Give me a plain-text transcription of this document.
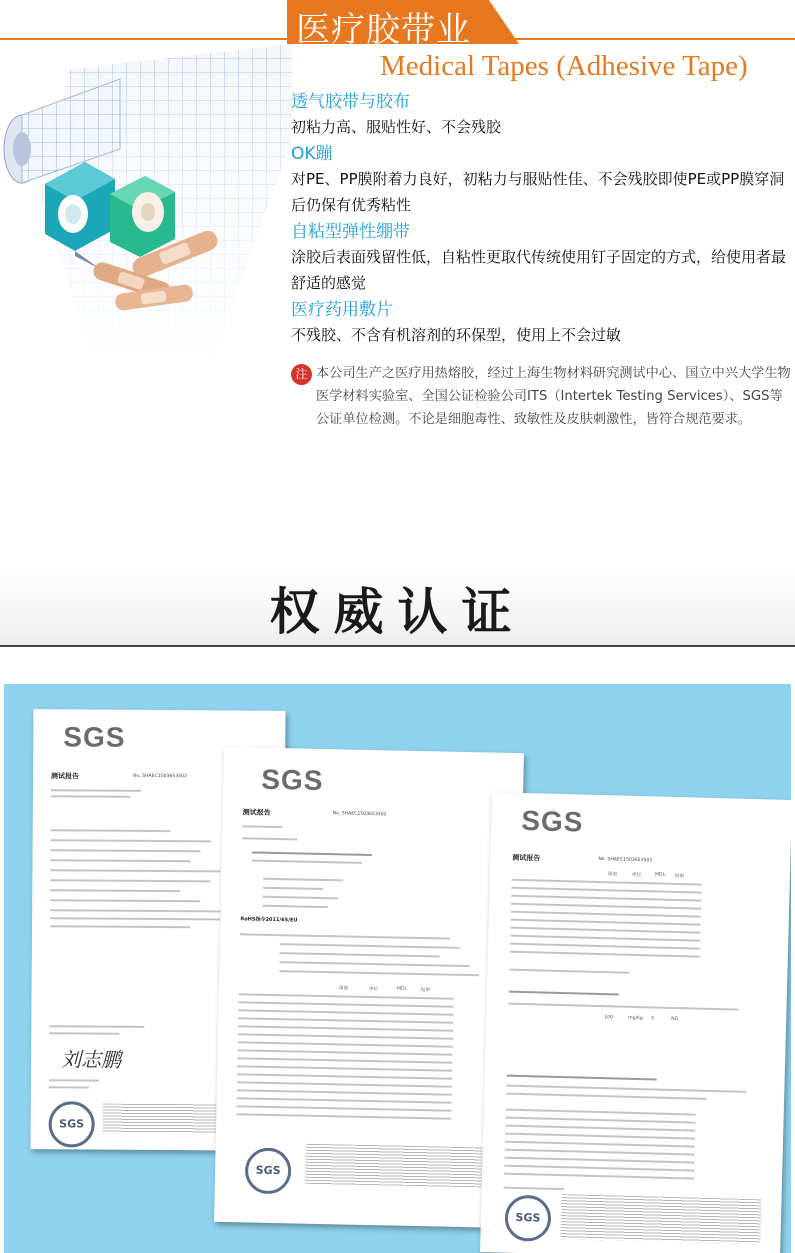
医疗胶带业
Medical Tapes (Adhesive Tape)
透气胶带与胶布
初粘力高、服贴性好、不会残胶
OK蹦
对PE、PP膜附着力良好，初粘力与服贴性佳、不会残胶即使PE或PP膜穿洞后仍保有优秀粘性
自粘型弹性绷带
涂胶后表面残留性低，自粘性更取代传统使用钉子固定的方式，给使用者最舒适的感觉
医疗药用敷片
不残胶、不含有机溶剂的环保型，使用上不会过敏
注 本公司生产之医疗用热熔胶，经过上海生物材料研究测试中心、国立中兴大学生物医学材料实验室、全国公证检验公司ITS（Intertek Testing Services）、SGS等公证单位检测。不论是细胞毒性、致敏性及皮肤刺激性，皆符合规范要求。
权威认证
SGS
测试报告	No. SHAEC1503653502
刘志鹏
SGS
SGS
测试报告	No. SHAEC1503653502
RoHS指令2011/65/EU
限值	单位	MDL	结果
SGS
SGS
测试报告	No. SHAEC1503653502
限值	单位	MDL 结果
100	mg/kg 5	ND
SGS
